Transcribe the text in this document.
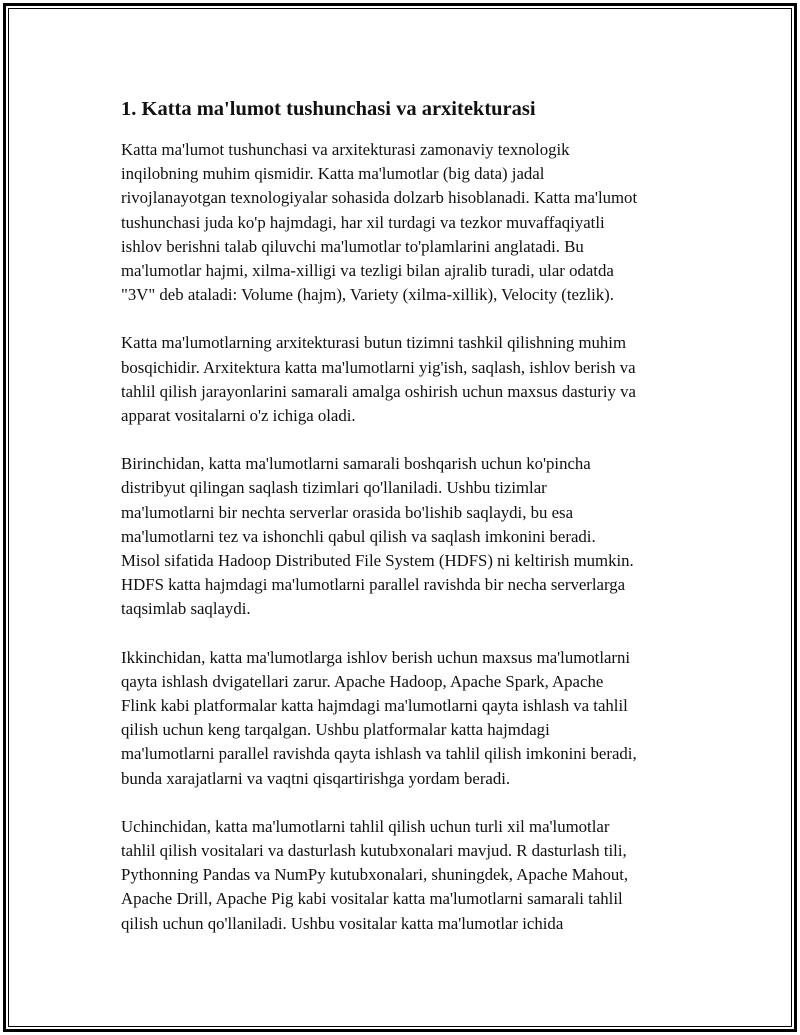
1. Katta ma'lumot tushunchasi va arxitekturasi
Katta ma'lumot tushunchasi va arxitekturasi zamonaviy texnologik
inqilobning muhim qismidir. Katta ma'lumotlar (big data) jadal
rivojlanayotgan texnologiyalar sohasida dolzarb hisoblanadi. Katta ma'lumot
tushunchasi juda ko'p hajmdagi, har xil turdagi va tezkor muvaffaqiyatli
ishlov berishni talab qiluvchi ma'lumotlar to'plamlarini anglatadi. Bu
ma'lumotlar hajmi, xilma-xilligi va tezligi bilan ajralib turadi, ular odatda
"3V" deb ataladi: Volume (hajm), Variety (xilma-xillik), Velocity (tezlik).
Katta ma'lumotlarning arxitekturasi butun tizimni tashkil qilishning muhim
bosqichidir. Arxitektura katta ma'lumotlarni yig'ish, saqlash, ishlov berish va
tahlil qilish jarayonlarini samarali amalga oshirish uchun maxsus dasturiy va
apparat vositalarni o'z ichiga oladi.
Birinchidan, katta ma'lumotlarni samarali boshqarish uchun ko'pincha
distribyut qilingan saqlash tizimlari qo'llaniladi. Ushbu tizimlar
ma'lumotlarni bir nechta serverlar orasida bo'lishib saqlaydi, bu esa
ma'lumotlarni tez va ishonchli qabul qilish va saqlash imkonini beradi.
Misol sifatida Hadoop Distributed File System (HDFS) ni keltirish mumkin.
HDFS katta hajmdagi ma'lumotlarni parallel ravishda bir necha serverlarga
taqsimlab saqlaydi.
Ikkinchidan, katta ma'lumotlarga ishlov berish uchun maxsus ma'lumotlarni
qayta ishlash dvigatellari zarur. Apache Hadoop, Apache Spark, Apache
Flink kabi platformalar katta hajmdagi ma'lumotlarni qayta ishlash va tahlil
qilish uchun keng tarqalgan. Ushbu platformalar katta hajmdagi
ma'lumotlarni parallel ravishda qayta ishlash va tahlil qilish imkonini beradi,
bunda xarajatlarni va vaqtni qisqartirishga yordam beradi.
Uchinchidan, katta ma'lumotlarni tahlil qilish uchun turli xil ma'lumotlar
tahlil qilish vositalari va dasturlash kutubxonalari mavjud. R dasturlash tili,
Pythonning Pandas va NumPy kutubxonalari, shuningdek, Apache Mahout,
Apache Drill, Apache Pig kabi vositalar katta ma'lumotlarni samarali tahlil
qilish uchun qo'llaniladi. Ushbu vositalar katta ma'lumotlar ichida
